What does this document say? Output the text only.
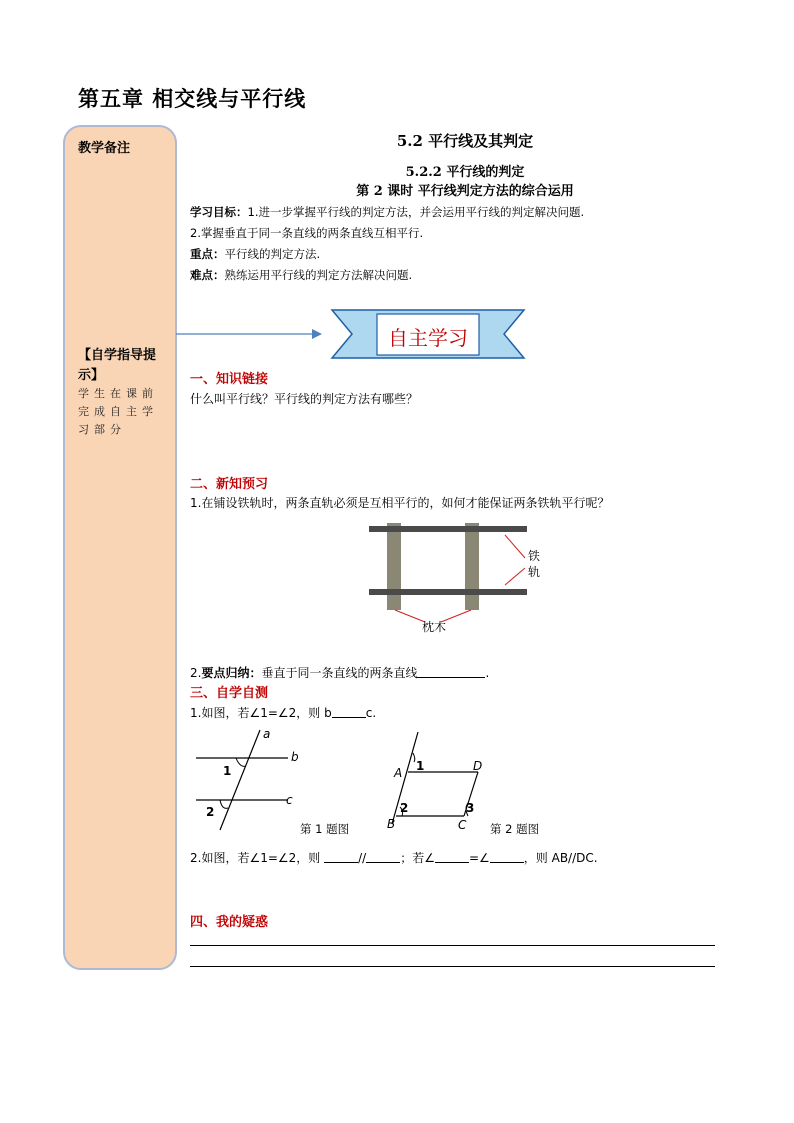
第五章 相交线与平行线
教学备注
【自学指导提示】
学生在课前完成自主学习部分
5.2 平行线及其判定
5.2.2 平行线的判定
第 2 课时 平行线判定方法的综合运用
学习目标：1.进一步掌握平行线的判定方法，并会运用平行线的判定解决问题.
2.掌握垂直于同一条直线的两条直线互相平行.
重点：平行线的判定方法.
难点：熟练运用平行线的判定方法解决问题.
自主学习
一、知识链接
什么叫平行线？平行线的判定方法有哪些？
二、新知预习
1.在铺设铁轨时，两条直轨必须是互相平行的，如何才能保证两条铁轨平行呢？
铁
轨
枕木
2.要点归纳：垂直于同一条直线的两条直线	.
三、自学自测
1.如图，若∠1=∠2，则 b	c.
a
b
c
1
2
第 1 题图
A
B	C
D
1
2	3
第 2 题图
2.如图，若∠1=∠2，则	//	；若∠	=∠	，则 AB//DC.
四、我的疑惑
